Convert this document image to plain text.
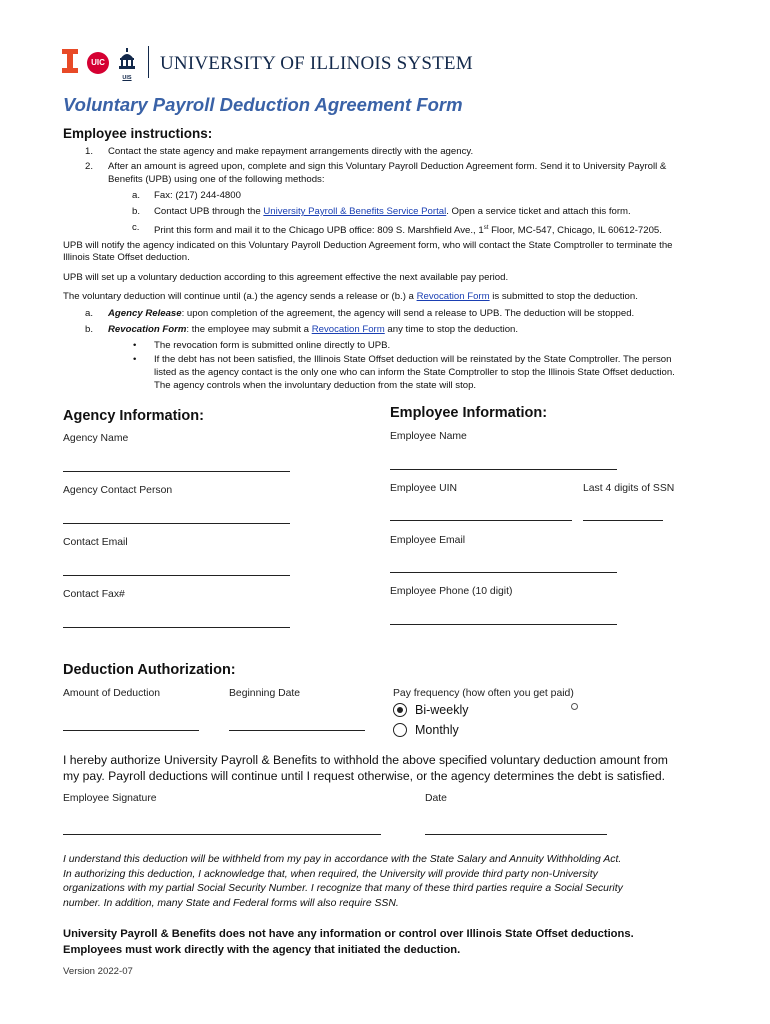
UIC
UIS
UNIVERSITY OF ILLINOIS SYSTEM
Voluntary Payroll Deduction Agreement Form
Employee instructions:
1. Contact the state agency and make repayment arrangements directly with the agency.
2. After an amount is agreed upon, complete and sign this Voluntary Payroll Deduction Agreement form. Send it to University Payroll &
Benefits (UPB) using one of the following methods:
a. Fax: (217) 244-4800
b. Contact UPB through the University Payroll & Benefits Service Portal. Open a service ticket and attach this form.
c. Print this form and mail it to the Chicago UPB office: 809 S. Marshfield Ave., 1st Floor, MC-547, Chicago, IL 60612-7205.
UPB will notify the agency indicated on this Voluntary Payroll Deduction Agreement form, who will contact the State Comptroller to terminate the
Illinois State Offset deduction.
UPB will set up a voluntary deduction according to this agreement effective the next available pay period.
The voluntary deduction will continue until (a.) the agency sends a release or (b.) a Revocation Form is submitted to stop the deduction.
a. Agency Release: upon completion of the agreement, the agency will send a release to UPB. The deduction will be stopped.
b. Revocation Form: the employee may submit a Revocation Form any time to stop the deduction.
• The revocation form is submitted online directly to UPB.
• If the debt has not been satisfied, the Illinois State Offset deduction will be reinstated by the State Comptroller. The person
listed as the agency contact is the only one who can inform the State Comptroller to stop the Illinois State Offset deduction.
The agency controls when the involuntary deduction from the state will stop.
Agency Information:	Employee Information:
Agency Name	Employee Name
Agency Contact Person	Employee UIN	Last 4 digits of SSN
Contact Email	Employee Email
Contact Fax#	Employee Phone (10 digit)
Deduction Authorization:
Amount of Deduction	Beginning Date	Pay frequency (how often you get paid)
Bi-weekly
Monthly
I hereby authorize University Payroll & Benefits to withhold the above specified voluntary deduction amount from
my pay. Payroll deductions will continue until I request otherwise, or the agency determines the debt is satisfied.
Employee Signature	Date
I understand this deduction will be withheld from my pay in accordance with the State Salary and Annuity Withholding Act.
In authorizing this deduction, I acknowledge that, when required, the University will provide third party non-University
organizations with my partial Social Security Number. I recognize that many of these third parties require a Social Security
number. In addition, many State and Federal forms will also require SSN.
University Payroll & Benefits does not have any information or control over Illinois State Offset deductions.
Employees must work directly with the agency that initiated the deduction.
Version 2022-07
